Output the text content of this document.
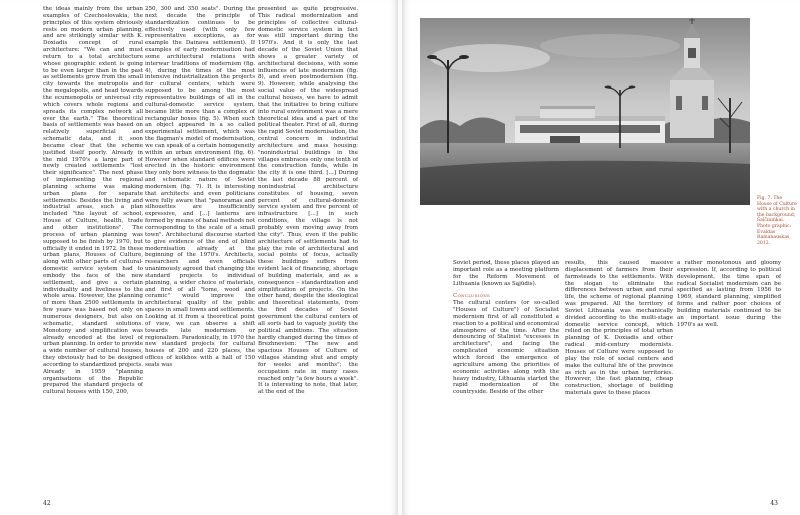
the ideas mainly from the urban examples of Czechoslovakia, the principles of this system obviously rests on modern urban planning, and are strikingly similar with K. Doxiadis concept of rural architecture: "We can and must return to a total architecture whose geographic extent is going to be even larger than in the past as settlements grow from the small city towards the metropolis and the megalopolis, and head towards the ecumenopolis or universal city which covers whole regions and spreads its complex network all over the earth." The theoretical basis of settlements was based on relatively superficial and schematic data, and it soon became clear that the scheme justified itself poorly. Already in the mid 1970's a large part of newly created settlements "lost their significance". The next phase of implementing the regional planning scheme was making urban plans for separate settlements. Besides the living and industrial areas, such a plan included "the layout of school, House of Culture, health, trade and other institutions". The process of urban planning was supposed to be finish by 1970, but officially it ended in 1972. In these urban plans, Houses of Culture, along with other parts of cultural-domestic service system had to embody the face of the new settlement, and give a certain individuality and liveliness to the whole area. However, the planning of more than 2500 settlements in few years was based not only on numerous designers, but also on schematic, standard solutions. Monotony and simplification was already encoded at the level of urban planning. In order to provide a wide number of cultural houses, they obviously had to be designed according to standardized projects. Already in 1959 "planning organisations of the Republic prepared the standard projects of cultural houses with 150, 200,

250, 300 and 350 seats". During the next decade the principle of standardization continues to be effectively used (with only few representative exceptions, as for example the Dainava settlement). If examples of early modernisation had some architectural relations with interwar traditions of modernism (fig. 4), during the times of the most intensive industrialization the projects for cultural centers, which were supposed to be among the most representative buildings of all in the cultural-domestic service system, became little more than a complex of rectangular boxes (fig. 5). When such an object appeared in a so called experimental settlement, which was the flagman's model of modernisation, we can speak of a certain homogeneity within an urban environment (fig. 6). However when standard edifices were erected in the historic environment they only bore witness to the dogmatic and schematic nature of Soviet modernism (fig. 7). It is interesting that architects and even politicians were fully aware that "panoramas and silhouettes are insufficiently expressive, and [...] lanterns are formed by means of banal methods not corresponding to the scale of a small town". Architectural discourse started to give evidence of the end of blind modernisation already at the beginning of the 1970's. Architects, researchers and even officials unanimously agreed that changing the standard projects to individual planning, a wider choice of materials, and first of all "tome, wood and ceramic" would improve the architectural quality of the public spaces in small towns and settlements. Looking at it from a theoretical point of view, we can observe a shift towards late modernism or regionalism. Paradoxically, in 1970 the new standard projects for cultural houses of 200 and 220 places, the offices of kolkhos with a hall of 150 seats was

presented as quite progressive. This radical modernization and principles of collective cultural-domestic service system in fact was still important during the 1970's. And it is only the last decade of the Soviet Union that shows a greater variety of architectural decisions, with some influences of late modernism (fig. 8), and even postmodernism (fig. 9). However, while analysing the social value of the widespread cultural houses, we have to admit that the initiative to bring culture into rural environment was a mere theoretical idea and a part of the political theater. First of all, during the rapid Soviet modernisation, the central concern in industrial architecture and mass housing: "nonindustrial buildings in the villages embraces only one tenth of the construction funds, while in the city it is one third. [...] During the last decade 88 percent of nonindustrial architecture constitutes of housing, seven percent of cultural-domestic service system and five percent of infrastructure [...] in such conditions, the village is not probably even moving away from the city". Thus, even if the public architecture of settlements had to play the role of architectural and social points of focus, actually these buildings suffers from evident lack of financing, shortage of building materials, and as a consequence – standardization and simplification of projects. On the other hand, despite the ideological and theoretical statements, from the first decades of Soviet government the cultural centers of all sorts had to vaguely justify the political ambitions. The situation hardly changed during the times of Brezhnevism: "The new and spacious Houses of Culture of villages standing shut and empty for weeks and months"; the occupation rate in many cases reached only "a few hours a week". It is interesting to note, that later, at the end of the

42
Fig. 7. The House of Culture with a church in the background, Šalčininkai. Photo graphic: Evaldas Ramanauskas, 2012.

Soviet period, these places played an important role as a meeting platform for the Reform Movement of Lithuania (known as Sąjūdis).

Conclusions

The cultural centers (or so-called "Houses of Culture") of Socialist modernism first of all constituted a reaction to a political and economical atmosphere of the time. After the denouncing of Stalinist "excesses in architecture", and facing the complicated economic situation which forced the emergence of agriculture among the priorities of economic activities along with the heavy industry, Lithuania started the rapid modernization of the countryside. Beside of the other

results, this caused massive displacement of farmers from their farmsteads to the settlements. With the slogan to eliminate the differences between urban and rural life, the scheme of regional planning was prepared. All the territory of Soviet Lithuania was mechanically divided according to the multi-stage domestic service concept, which relied on the principles of total urban planning of K. Doxiadis and other radical mid-century modernists. Houses of Culture were supposed to play the role of social centers and make the cultural life of the province as rich as in the urban territories. However, the fast planning, cheap construction, shortage of building materials gave to these places

a rather monotonous and gloomy expression. If, according to political development, the time span of radical Socialist modernism can be specified as lasting from 1956 to 1969, standard planning, simplified forms and rather poor choices of building materials continued to be an important issue during the 1970's as well.

43
